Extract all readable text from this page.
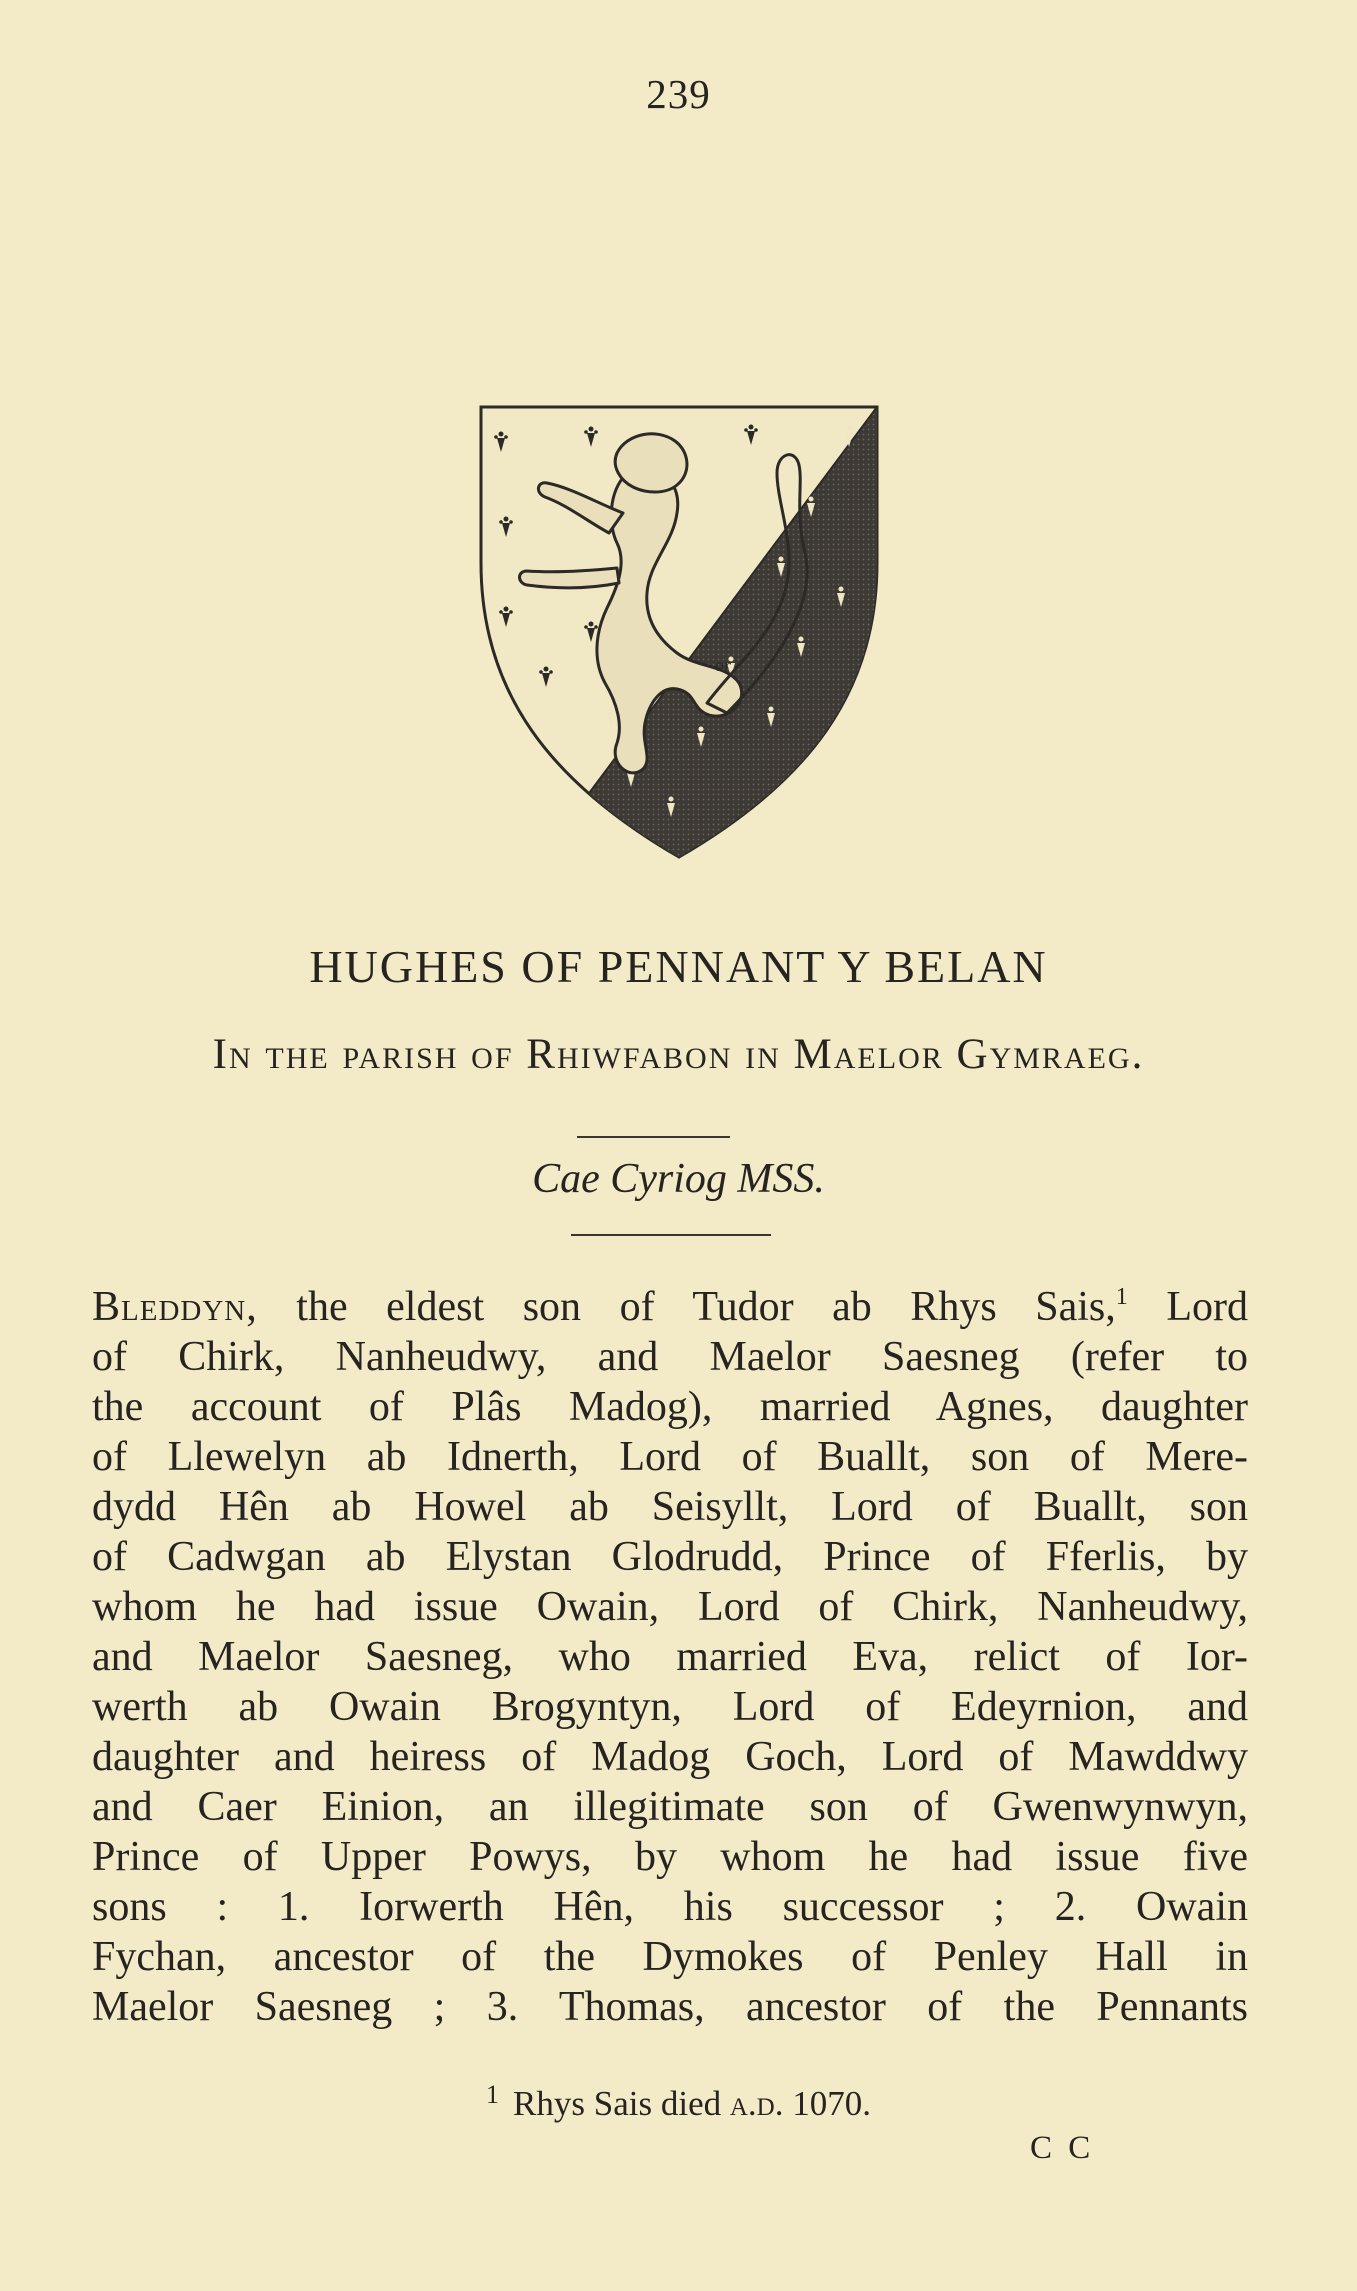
239
or
HUGHES OF PENNANT Y BELAN
In the parish of Rhiwfabon in Maelor Gymraeg.
Cae Cyriog MSS.
Bleddyn, the eldest son of Tudor ab Rhys Sais,$^1$ Lord
of Chirk, Nanheudwy, and Maelor Saesneg (refer to
the account of Plâs Madog), married Agnes, daughter
of Llewelyn ab Idnerth, Lord of Buallt, son of Mere-
dydd Hên ab Howel ab Seisyllt, Lord of Buallt, son
of Cadwgan ab Elystan Glodrudd, Prince of Fferlis, by
whom he had issue Owain, Lord of Chirk, Nanheudwy,
and Maelor Saesneg, who married Eva, relict of Ior-
werth ab Owain Brogyntyn, Lord of Edeyrnion, and
daughter and heiress of Madog Goch, Lord of Mawddwy
and Caer Einion, an illegitimate son of Gwenwynwyn,
Prince of Upper Powys, by whom he had issue five
sons : 1. Iorwerth Hên, his successor ; 2. Owain
Fychan, ancestor of the Dymokes of Penley Hall in
Maelor Saesneg ; 3. Thomas, ancestor of the Pennants
$^1$ Rhys Sais died a.d. 1070.
C C
